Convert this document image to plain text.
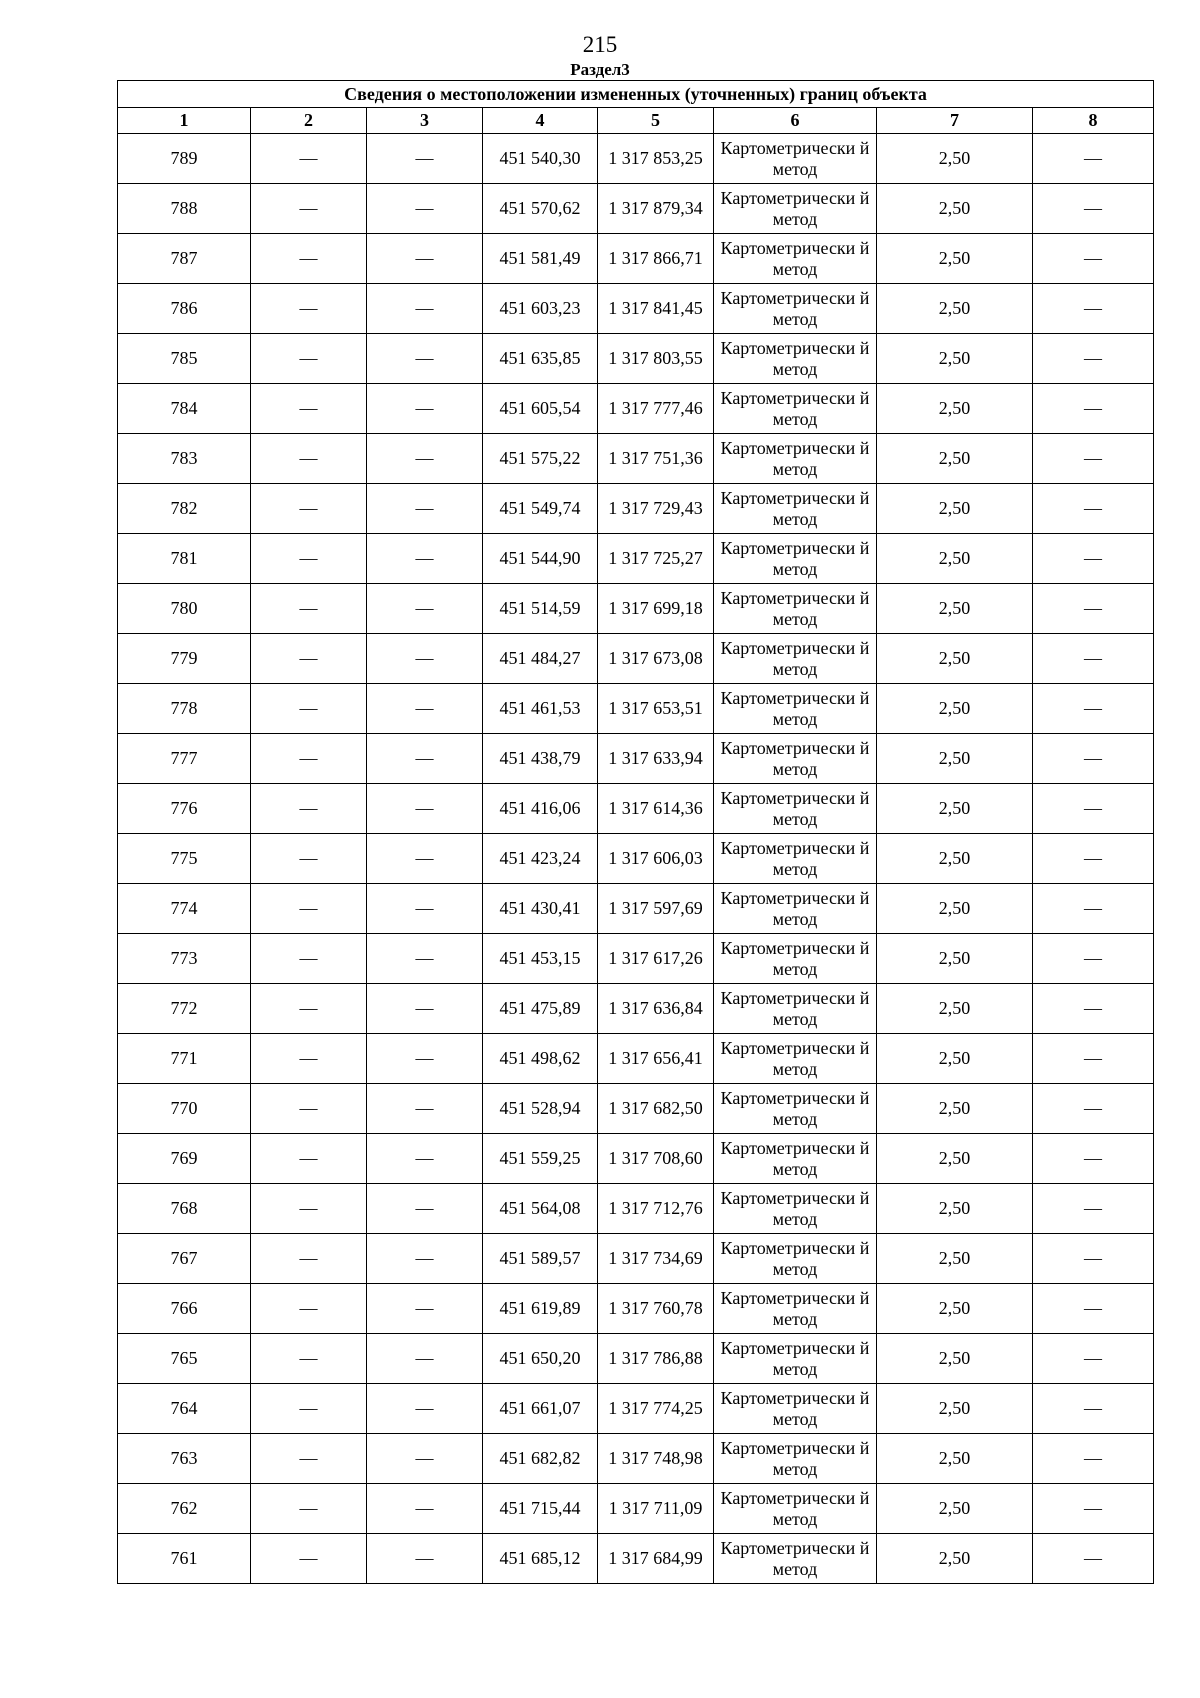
215
Раздел3
Сведения о местоположении измененных (уточненных) границ объекта							
1	2	3	4	5	6	7	8
789	—	—	451 540,30	1 317 853,25	Картометрически й метод	2,50	—
788	—	—	451 570,62	1 317 879,34	Картометрически й метод	2,50	—
787	—	—	451 581,49	1 317 866,71	Картометрически й метод	2,50	—
786	—	—	451 603,23	1 317 841,45	Картометрически й метод	2,50	—
785	—	—	451 635,85	1 317 803,55	Картометрически й метод	2,50	—
784	—	—	451 605,54	1 317 777,46	Картометрически й метод	2,50	—
783	—	—	451 575,22	1 317 751,36	Картометрически й метод	2,50	—
782	—	—	451 549,74	1 317 729,43	Картометрически й метод	2,50	—
781	—	—	451 544,90	1 317 725,27	Картометрически й метод	2,50	—
780	—	—	451 514,59	1 317 699,18	Картометрически й метод	2,50	—
779	—	—	451 484,27	1 317 673,08	Картометрически й метод	2,50	—
778	—	—	451 461,53	1 317 653,51	Картометрически й метод	2,50	—
777	—	—	451 438,79	1 317 633,94	Картометрически й метод	2,50	—
776	—	—	451 416,06	1 317 614,36	Картометрически й метод	2,50	—
775	—	—	451 423,24	1 317 606,03	Картометрически й метод	2,50	—
774	—	—	451 430,41	1 317 597,69	Картометрически й метод	2,50	—
773	—	—	451 453,15	1 317 617,26	Картометрически й метод	2,50	—
772	—	—	451 475,89	1 317 636,84	Картометрически й метод	2,50	—
771	—	—	451 498,62	1 317 656,41	Картометрически й метод	2,50	—
770	—	—	451 528,94	1 317 682,50	Картометрически й метод	2,50	—
769	—	—	451 559,25	1 317 708,60	Картометрически й метод	2,50	—
768	—	—	451 564,08	1 317 712,76	Картометрически й метод	2,50	—
767	—	—	451 589,57	1 317 734,69	Картометрически й метод	2,50	—
766	—	—	451 619,89	1 317 760,78	Картометрически й метод	2,50	—
765	—	—	451 650,20	1 317 786,88	Картометрически й метод	2,50	—
764	—	—	451 661,07	1 317 774,25	Картометрически й метод	2,50	—
763	—	—	451 682,82	1 317 748,98	Картометрически й метод	2,50	—
762	—	—	451 715,44	1 317 711,09	Картометрически й метод	2,50	—
761	—	—	451 685,12	1 317 684,99	Картометрически й метод	2,50	—
